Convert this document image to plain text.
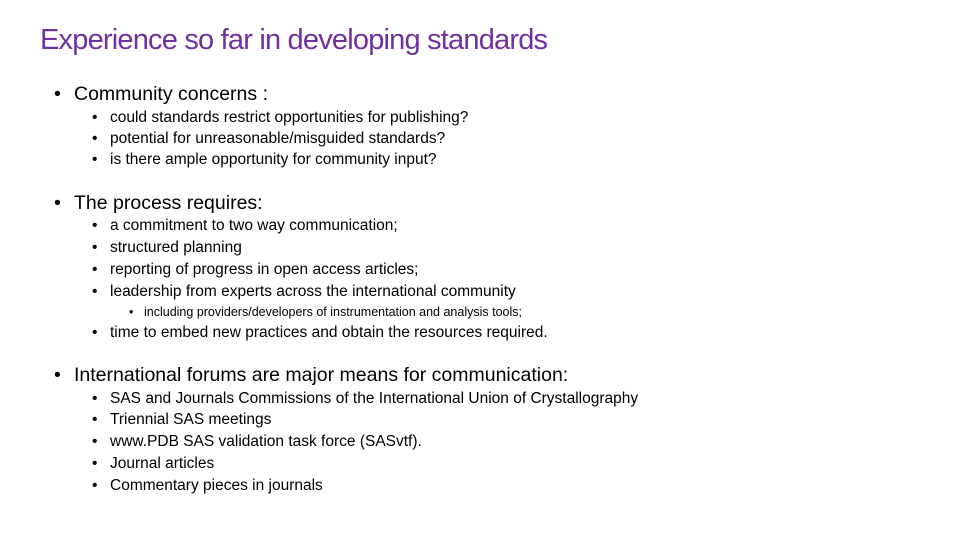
Experience so far in developing standards
• Community concerns :
• could standards restrict opportunities for publishing?
• potential for unreasonable/misguided standards?
• is there ample opportunity for community input?
• The process requires:
• a commitment to two way communication;
• structured planning
• reporting of progress in open access articles;
• leadership from experts across the international community
• including providers/developers of instrumentation and analysis tools;
• time to embed new practices and obtain the resources required.
• International forums are major means for communication:
• SAS and Journals Commissions of the International Union of Crystallography
• Triennial SAS meetings
• www.PDB SAS validation task force (SASvtf).
• Journal articles
• Commentary pieces in journals
